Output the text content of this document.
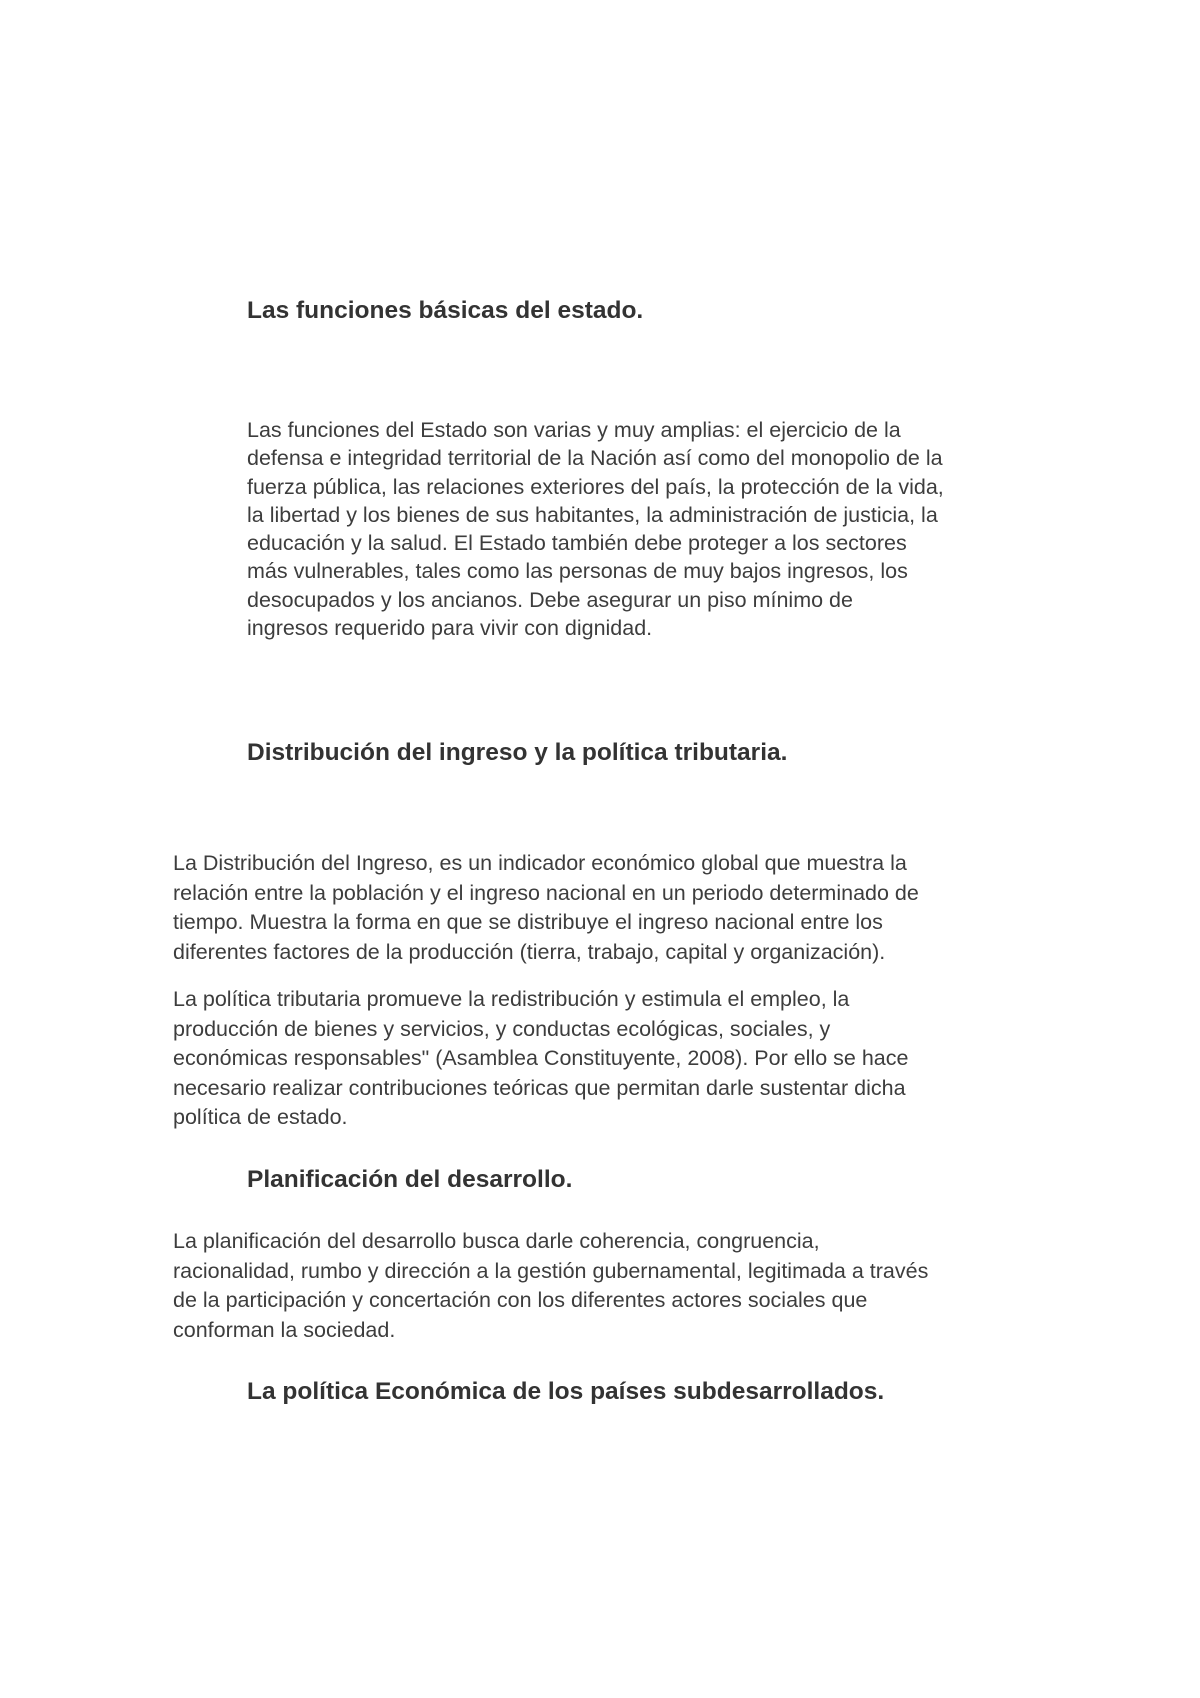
Las funciones básicas del estado.

Las funciones del Estado son varias y muy amplias: el ejercicio de la
defensa e integridad territorial de la Nación así como del monopolio de la
fuerza pública, las relaciones exteriores del país, la protección de la vida,
la libertad y los bienes de sus habitantes, la administración de justicia, la
educación y la salud. El Estado también debe proteger a los sectores
más vulnerables, tales como las personas de muy bajos ingresos, los
desocupados y los ancianos. Debe asegurar un piso mínimo de
ingresos requerido para vivir con dignidad.

Distribución del ingreso y la política tributaria.

La Distribución del Ingreso, es un indicador económico global que muestra la
relación entre la población y el ingreso nacional en un periodo determinado de
tiempo. Muestra la forma en que se distribuye el ingreso nacional entre los
diferentes factores de la producción (tierra, trabajo, capital y organización).

La política tributaria promueve la redistribución y estimula el empleo, la
producción de bienes y servicios, y conductas ecológicas, sociales, y
económicas responsables" (Asamblea Constituyente, 2008). Por ello se hace
necesario realizar contribuciones teóricas que permitan darle sustentar dicha
política de estado.

Planificación del desarrollo.

La planificación del desarrollo busca darle coherencia, congruencia,
racionalidad, rumbo y dirección a la gestión gubernamental, legitimada a través
de la participación y concertación con los diferentes actores sociales que
conforman la sociedad.

La política Económica de los países subdesarrollados.
